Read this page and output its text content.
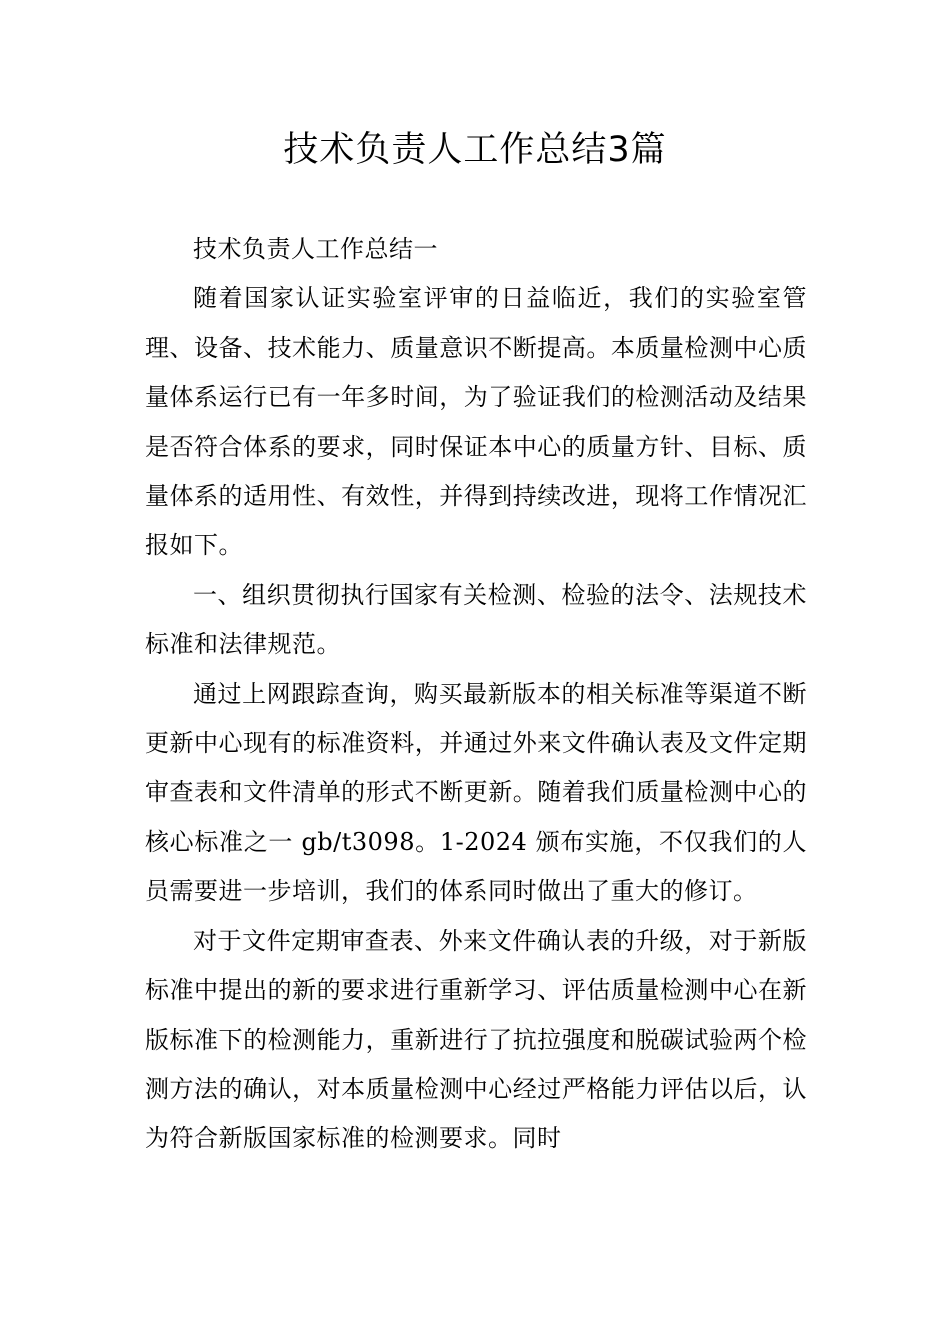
技术负责人工作总结3篇

技术负责人工作总结一

随着国家认证实验室评审的日益临近，我们的实验室管理、设备、技术能力、质量意识不断提高。本质量检测中心质量体系运行已有一年多时间，为了验证我们的检测活动及结果是否符合体系的要求，同时保证本中心的质量方针、目标、质量体系的适用性、有效性，并得到持续改进，现将工作情况汇报如下。

一、组织贯彻执行国家有关检测、检验的法令、法规技术标准和法律规范。

通过上网跟踪查询，购买最新版本的相关标准等渠道不断更新中心现有的标准资料，并通过外来文件确认表及文件定期审查表和文件清单的形式不断更新。随着我们质量检测中心的核心标准之一 gb/t3098。1-2024 颁布实施，不仅我们的人员需要进一步培训，我们的体系同时做出了重大的修订。

对于文件定期审查表、外来文件确认表的升级，对于新版标准中提出的新的要求进行重新学习、评估质量检测中心在新版标准下的检测能力，重新进行了抗拉强度和脱碳试验两个检测方法的确认，对本质量检测中心经过严格能力评估以后，认为符合新版国家标准的检测要求。同时
